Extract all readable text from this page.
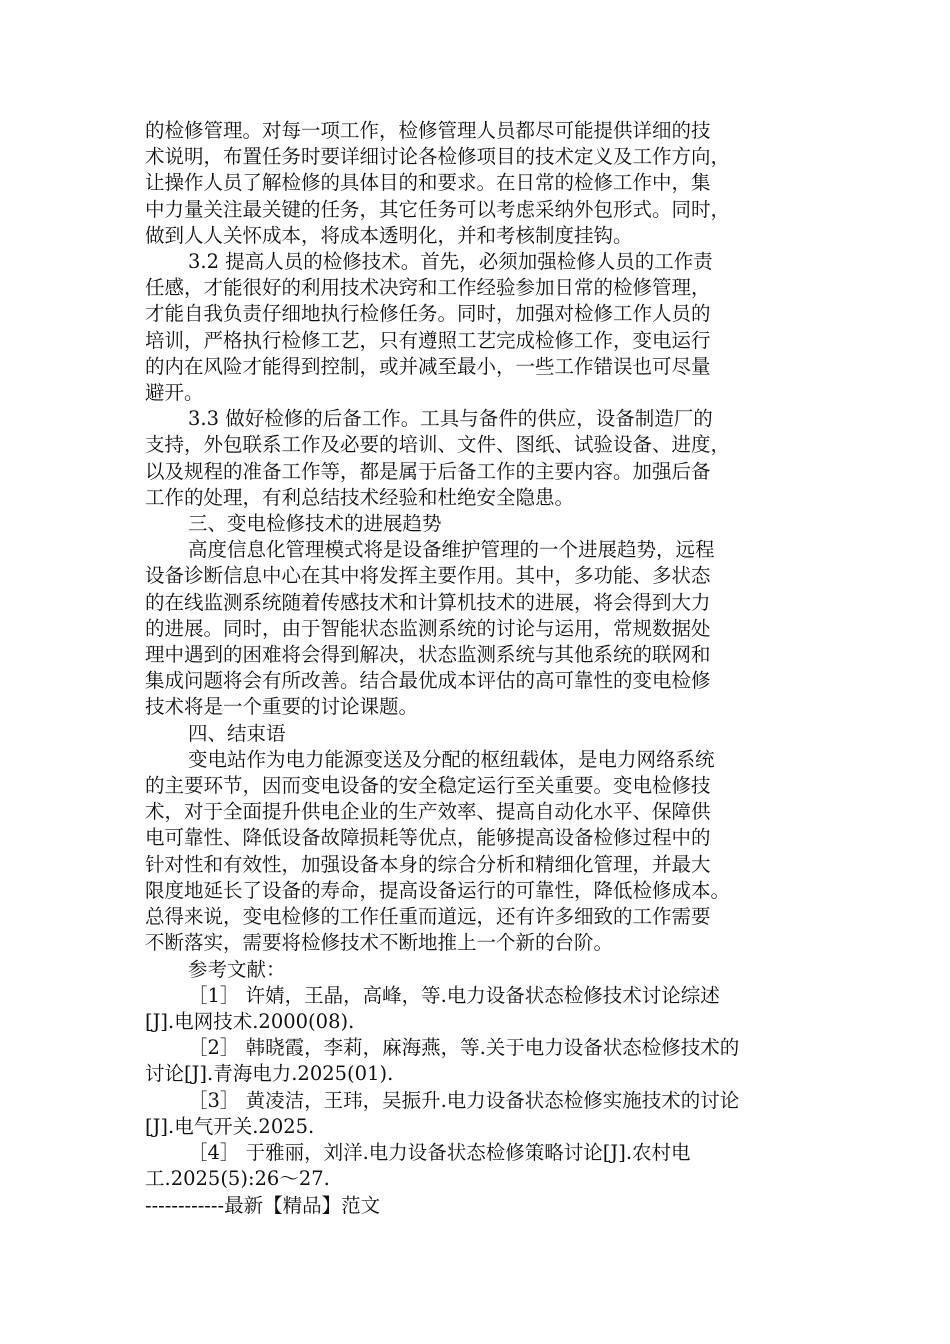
的检修管理。对每一项工作，检修管理人员都尽可能提供详细的技
术说明，布置任务时要详细讨论各检修项目的技术定义及工作方向，
让操作人员了解检修的具体目的和要求。在日常的检修工作中，集
中力量关注最关键的任务，其它任务可以考虑采纳外包形式。同时，
做到人人关怀成本，将成本透明化，并和考核制度挂钩。
3.2 提高人员的检修技术。首先，必须加强检修人员的工作责
任感，才能很好的利用技术决窍和工作经验参加日常的检修管理，
才能自我负责仔细地执行检修任务。同时，加强对检修工作人员的
培训，严格执行检修工艺，只有遵照工艺完成检修工作，变电运行
的内在风险才能得到控制，或并减至最小，一些工作错误也可尽量
避开。
3.3 做好检修的后备工作。工具与备件的供应，设备制造厂的
支持，外包联系工作及必要的培训、文件、图纸、试验设备、进度，
以及规程的准备工作等，都是属于后备工作的主要内容。加强后备
工作的处理，有利总结技术经验和杜绝安全隐患。
三、变电检修技术的进展趋势
高度信息化管理模式将是设备维护管理的一个进展趋势，远程
设备诊断信息中心在其中将发挥主要作用。其中，多功能、多状态
的在线监测系统随着传感技术和计算机技术的进展，将会得到大力
的进展。同时，由于智能状态监测系统的讨论与运用，常规数据处
理中遇到的困难将会得到解决，状态监测系统与其他系统的联网和
集成问题将会有所改善。结合最优成本评估的高可靠性的变电检修
技术将是一个重要的讨论课题。
四、结束语
变电站作为电力能源变送及分配的枢纽载体，是电力网络系统
的主要环节，因而变电设备的安全稳定运行至关重要。变电检修技
术，对于全面提升供电企业的生产效率、提高自动化水平、保障供
电可靠性、降低设备故障损耗等优点，能够提高设备检修过程中的
针对性和有效性，加强设备本身的综合分析和精细化管理，并最大
限度地延长了设备的寿命，提高设备运行的可靠性，降低检修成本。
总得来说，变电检修的工作任重而道远，还有许多细致的工作需要
不断落实，需要将检修技术不断地推上一个新的台阶。
参考文献：
［1］ 许婧，王晶，高峰，等.电力设备状态检修技术讨论综述
[J].电网技术.2000(08).
［2］ 韩晓霞，李莉，麻海燕，等.关于电力设备状态检修技术的
讨论[J].青海电力.2025(01).
［3］ 黄凌洁，王玮，吴振升.电力设备状态检修实施技术的讨论
[J].电气开关.2025.
［4］ 于雅丽，刘洋.电力设备状态检修策略讨论[J].农村电
工.2025(5):26～27.
------------最新【精品】范文
